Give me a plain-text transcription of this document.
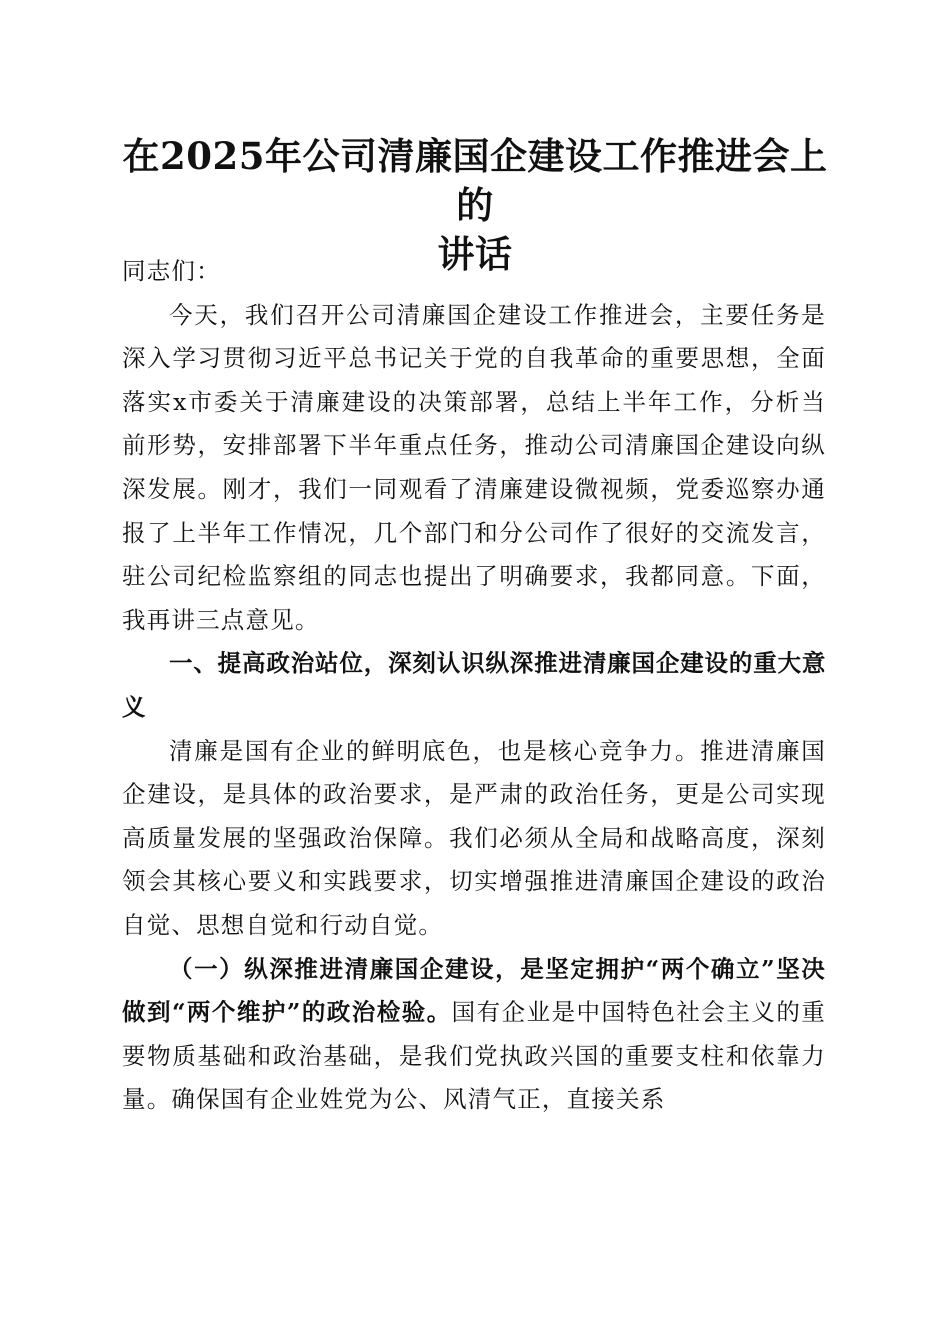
在2025年公司清廉国企建设工作推进会上的
讲话

同志们：

今天，我们召开公司清廉国企建设工作推进会，主要任务是深入学习贯彻习近平总书记关于党的自我革命的重要思想，全面落实x市委关于清廉建设的决策部署，总结上半年工作，分析当前形势，安排部署下半年重点任务，推动公司清廉国企建设向纵深发展。刚才，我们一同观看了清廉建设微视频，党委巡察办通报了上半年工作情况，几个部门和分公司作了很好的交流发言，驻公司纪检监察组的同志也提出了明确要求，我都同意。下面，我再讲三点意见。

一、提高政治站位，深刻认识纵深推进清廉国企建设的重大意义

清廉是国有企业的鲜明底色，也是核心竞争力。推进清廉国企建设，是具体的政治要求，是严肃的政治任务，更是公司实现高质量发展的坚强政治保障。我们必须从全局和战略高度，深刻领会其核心要义和实践要求，切实增强推进清廉国企建设的政治自觉、思想自觉和行动自觉。

（一）纵深推进清廉国企建设，是坚定拥护“两个确立”坚决做到“两个维护”的政治检验。国有企业是中国特色社会主义的重要物质基础和政治基础，是我们党执政兴国的重要支柱和依靠力量。确保国有企业姓党为公、风清气正，直接关系
